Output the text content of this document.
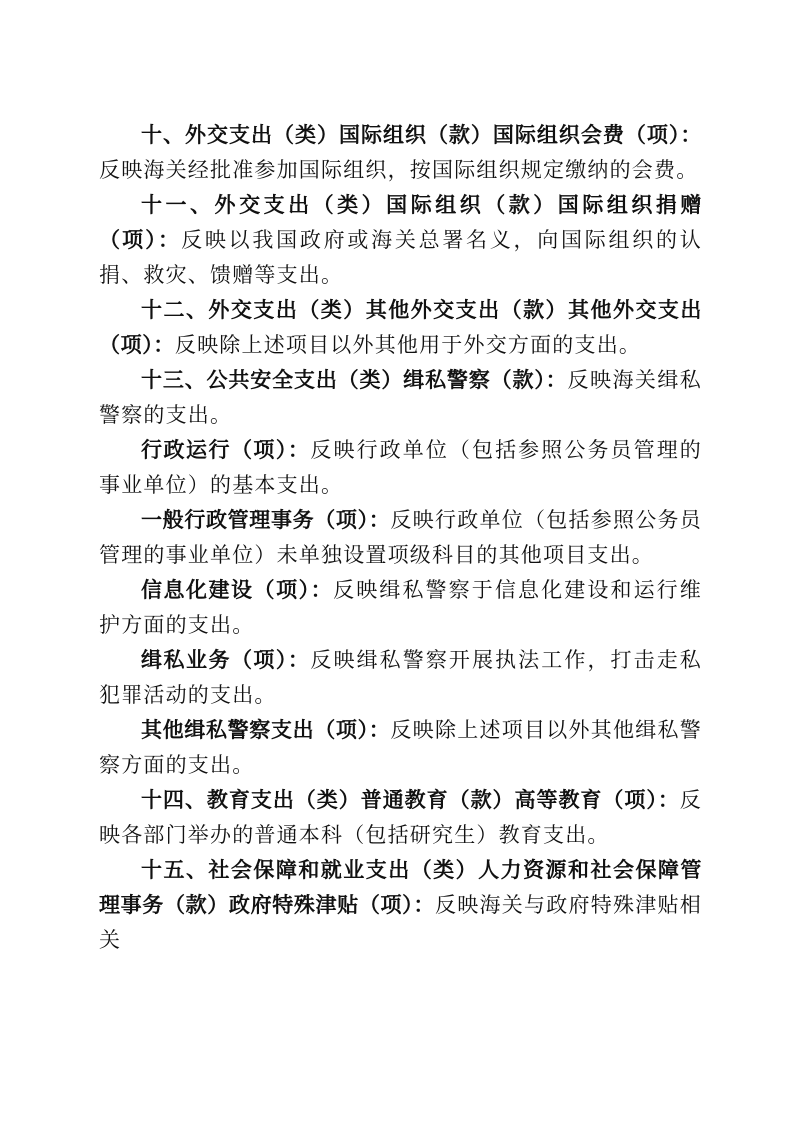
十、外交支出（类）国际组织（款）国际组织会费（项）：反映海关经批准参加国际组织，按国际组织规定缴纳的会费。

十一、外交支出（类）国际组织（款）国际组织捐赠（项）：反映以我国政府或海关总署名义，向国际组织的认捐、救灾、馈赠等支出。

十二、外交支出（类）其他外交支出（款）其他外交支出（项）：反映除上述项目以外其他用于外交方面的支出。

十三、公共安全支出（类）缉私警察（款）：反映海关缉私警察的支出。

行政运行（项）：反映行政单位（包括参照公务员管理的事业单位）的基本支出。

一般行政管理事务（项）：反映行政单位（包括参照公务员管理的事业单位）未单独设置项级科目的其他项目支出。

信息化建设（项）：反映缉私警察于信息化建设和运行维护方面的支出。

缉私业务（项）：反映缉私警察开展执法工作，打击走私犯罪活动的支出。

其他缉私警察支出（项）：反映除上述项目以外其他缉私警察方面的支出。

十四、教育支出（类）普通教育（款）高等教育（项）：反映各部门举办的普通本科（包括研究生）教育支出。

十五、社会保障和就业支出（类）人力资源和社会保障管理事务（款）政府特殊津贴（项）：反映海关与政府特殊津贴相关
